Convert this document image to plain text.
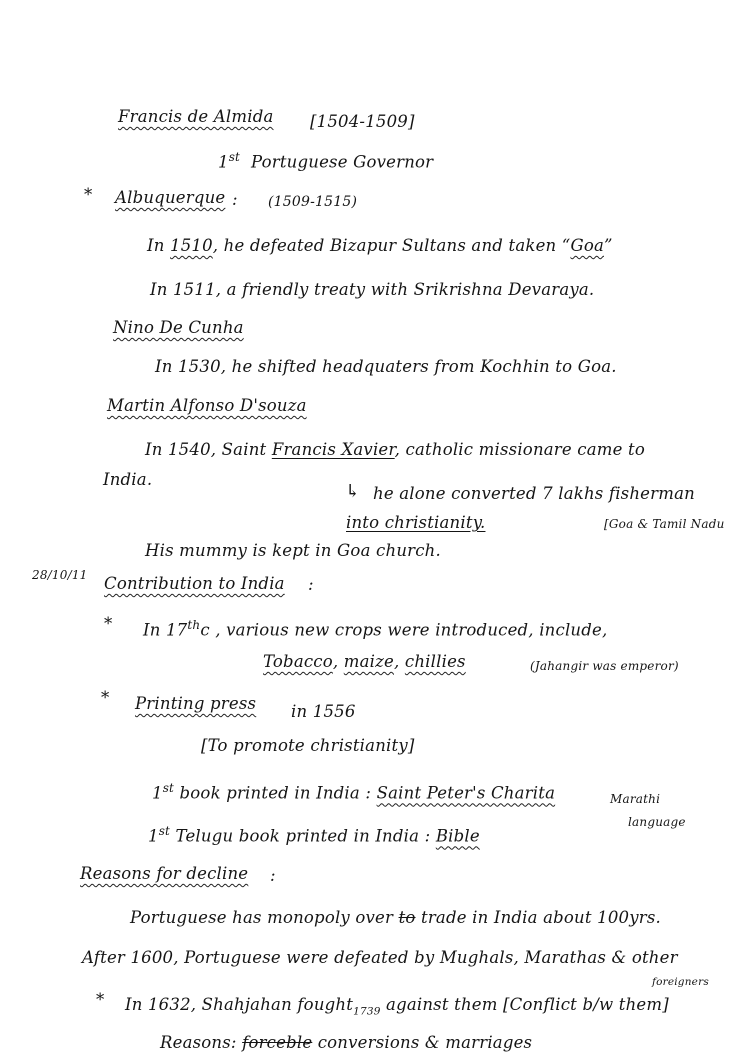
Francis de Almida [1504-1509]
1st Portuguese Governor
* Albuquerque : (1509-1515)
In 1510, he defeated Bizapur Sultans and taken “Goa”
In 1511, a friendly treaty with Srikrishna Devaraya.
Nino De Cunha
In 1530, he shifted headquaters from Kochhin to Goa.
Martin Alfonso D'souza
In 1540, Saint Francis Xavier, catholic missionare came to
India.
↳ he alone converted 7 lakhs fisherman
into christianity.	[Goa & Tamil Nadu
His mummy is kept in Goa church.
28/10/11 Contribution to India :
* In 17thc , various new crops were introduced, include,
Tobacco, maize, chillies	(Jahangir was emperor)
* Printing press in 1556
[To promote christianity]
1st book printed in India : Saint Peter's Charita	Marathi
language
1st Telugu book printed in India : Bible
Reasons for decline :
Portuguese has monopoly over to trade in India about 100yrs.
After 1600, Portuguese were defeated by Mughals, Marathas & other
foreigners
* In 1632, Shahjahan fought$_{1739}$ against them [Conflict b/w them]
Reasons: forceble conversions & marriages
